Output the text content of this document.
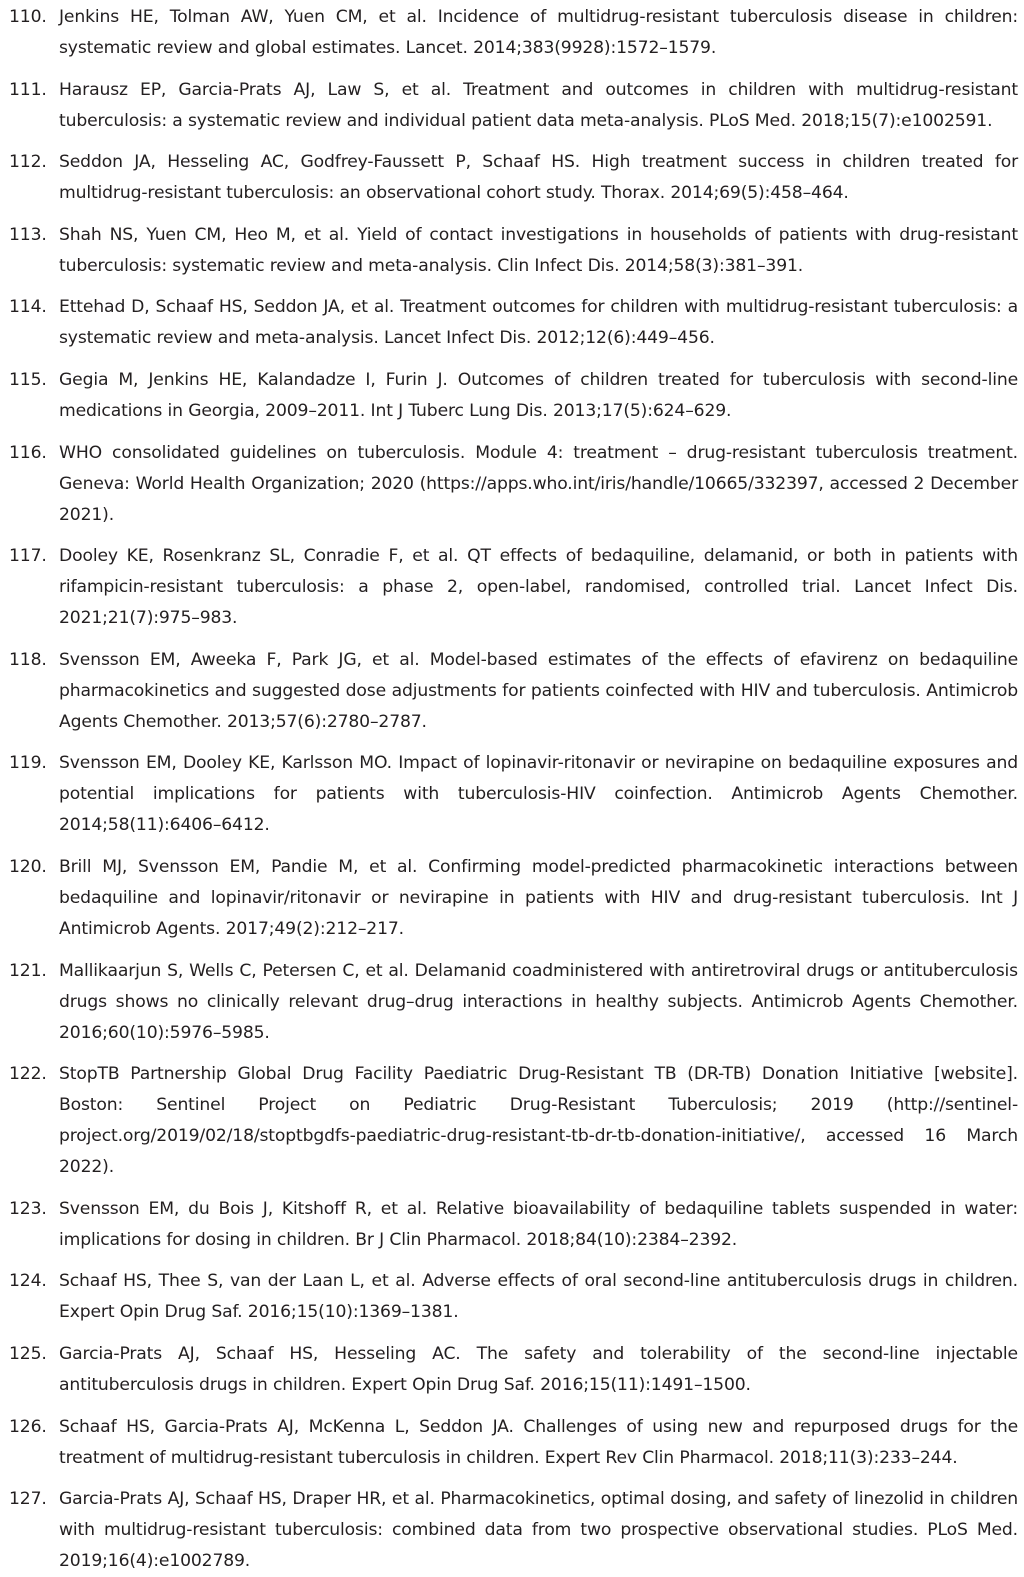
110. Jenkins HE, Tolman AW, Yuen CM, et al. Incidence of multidrug-resistant tuberculosis disease in children: systematic review and global estimates. Lancet. 2014;383(9928):1572–1579.
111. Harausz EP, Garcia-Prats AJ, Law S, et al. Treatment and outcomes in children with multidrug-resistant tuberculosis: a systematic review and individual patient data meta-analysis. PLoS Med. 2018;15(7):e1002591.
112. Seddon JA, Hesseling AC, Godfrey-Faussett P, Schaaf HS. High treatment success in children treated for multidrug-resistant tuberculosis: an observational cohort study. Thorax. 2014;69(5):458–464.
113. Shah NS, Yuen CM, Heo M, et al. Yield of contact investigations in households of patients with drug-resistant tuberculosis: systematic review and meta-analysis. Clin Infect Dis. 2014;58(3):381–391.
114. Ettehad D, Schaaf HS, Seddon JA, et al. Treatment outcomes for children with multidrug-resistant tuberculosis: a systematic review and meta-analysis. Lancet Infect Dis. 2012;12(6):449–456.
115. Gegia M, Jenkins HE, Kalandadze I, Furin J. Outcomes of children treated for tuberculosis with second-line medications in Georgia, 2009–2011. Int J Tuberc Lung Dis. 2013;17(5):624–629.
116. WHO consolidated guidelines on tuberculosis. Module 4: treatment – drug-resistant tuberculosis treatment. Geneva: World Health Organization; 2020 (https://apps.who.int/iris/handle/10665/332397, accessed 2 December 2021).
117. Dooley KE, Rosenkranz SL, Conradie F, et al. QT effects of bedaquiline, delamanid, or both in patients with rifampicin-resistant tuberculosis: a phase 2, open-label, randomised, controlled trial. Lancet Infect Dis. 2021;21(7):975–983.
118. Svensson EM, Aweeka F, Park JG, et al. Model-based estimates of the effects of efavirenz on bedaquiline pharmacokinetics and suggested dose adjustments for patients coinfected with HIV and tuberculosis. Antimicrob Agents Chemother. 2013;57(6):2780–2787.
119. Svensson EM, Dooley KE, Karlsson MO. Impact of lopinavir-ritonavir or nevirapine on bedaquiline exposures and potential implications for patients with tuberculosis-HIV coinfection. Antimicrob Agents Chemother. 2014;58(11):6406–6412.
120. Brill MJ, Svensson EM, Pandie M, et al. Confirming model-predicted pharmacokinetic interactions between bedaquiline and lopinavir/ritonavir or nevirapine in patients with HIV and drug-resistant tuberculosis. Int J Antimicrob Agents. 2017;49(2):212–217.
121. Mallikaarjun S, Wells C, Petersen C, et al. Delamanid coadministered with antiretroviral drugs or antituberculosis drugs shows no clinically relevant drug–drug interactions in healthy subjects. Antimicrob Agents Chemother. 2016;60(10):5976–5985.
122. StopTB Partnership Global Drug Facility Paediatric Drug-Resistant TB (DR-TB) Donation Initiative [website]. Boston: Sentinel Project on Pediatric Drug-Resistant Tuberculosis; 2019 (http://sentinel-project.org/2019/02/18/stoptbgdfs-paediatric-drug-resistant-tb-dr-tb-donation-initiative/, accessed 16 March 2022).
123. Svensson EM, du Bois J, Kitshoff R, et al. Relative bioavailability of bedaquiline tablets suspended in water: implications for dosing in children. Br J Clin Pharmacol. 2018;84(10):2384–2392.
124. Schaaf HS, Thee S, van der Laan L, et al. Adverse effects of oral second-line antituberculosis drugs in children. Expert Opin Drug Saf. 2016;15(10):1369–1381.
125. Garcia-Prats AJ, Schaaf HS, Hesseling AC. The safety and tolerability of the second-line injectable antituberculosis drugs in children. Expert Opin Drug Saf. 2016;15(11):1491–1500.
126. Schaaf HS, Garcia-Prats AJ, McKenna L, Seddon JA. Challenges of using new and repurposed drugs for the treatment of multidrug-resistant tuberculosis in children. Expert Rev Clin Pharmacol. 2018;11(3):233–244.
127. Garcia-Prats AJ, Schaaf HS, Draper HR, et al. Pharmacokinetics, optimal dosing, and safety of linezolid in children with multidrug-resistant tuberculosis: combined data from two prospective observational studies. PLoS Med. 2019;16(4):e1002789.
